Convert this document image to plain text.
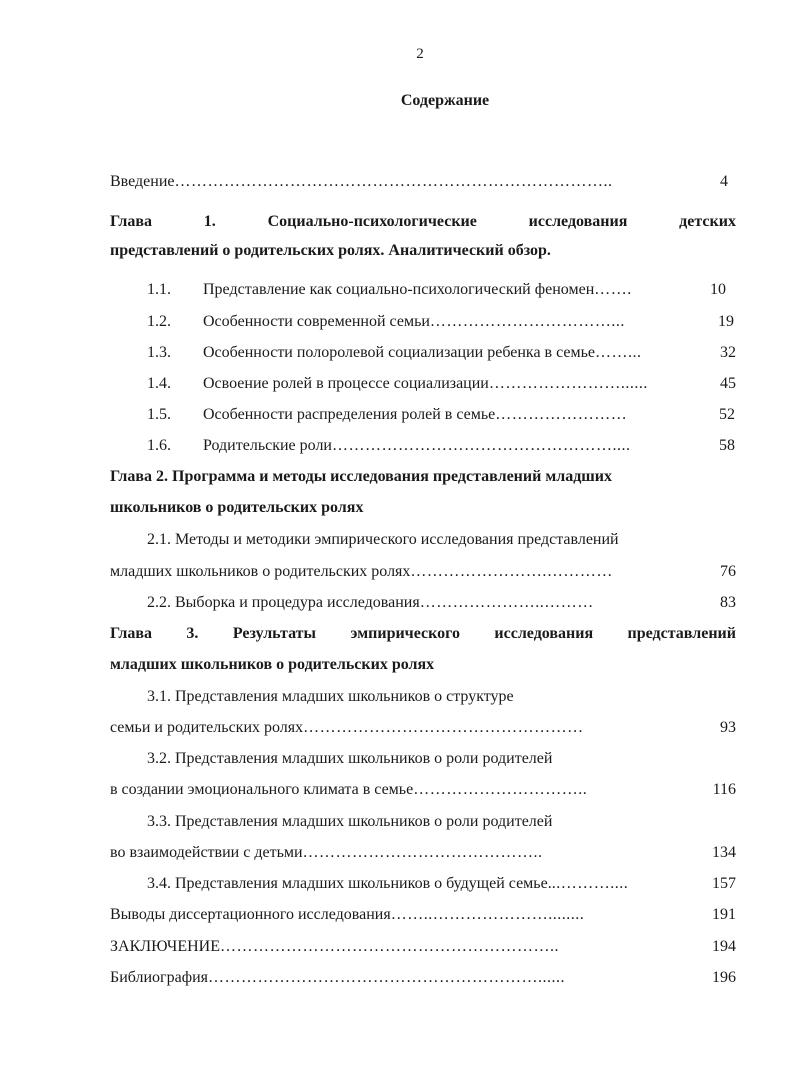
2
Содержание
Введение ……………………………………………………………………..	4
Глава	1.	Социально-психологические	исследования	детских
представлений о родительских ролях. Аналитический обзор.
1.1.	Представление как социально-психологический феномен …….	10
1.2.	Особенности современной семьи ……………………………...	19
1.3.	Особенности полоролевой социализации ребенка в семье ……...	32
1.4.	Освоение ролей в процессе социализации ……………………......	45
1.5.	Особенности распределения ролей в семье ……………………	52
1.6.	Родительские роли ……………………………………………....	58
Глава 2. Программа и методы исследования представлений младших
школьников о родительских ролях
2.1. Методы и методики эмпирического исследования представлений
младших школьников о родительских ролях …………………….…………	76
2.2. Выборка и процедура исследования …………………..………	83
Глава 3. Результаты эмпирического исследования представлений
младших школьников о родительских ролях
3.1. Представления младших школьников о структуре
семьи и родительских ролях ……………………………………………	93
3.2. Представления младших школьников о роли родителей
в создании эмоционального климата в семье …………………………..	116
3.3. Представления младших школьников о роли родителей
во взаимодействии с детьми ……………………………………..	134
3.4. Представления младших школьников о будущей семье. ..………....	157
Выводы диссертационного исследования ……..…………………........	191
ЗАКЛЮЧЕНИЕ ……………………………………………………..	194
Библиография ……………………………………………………......	196
